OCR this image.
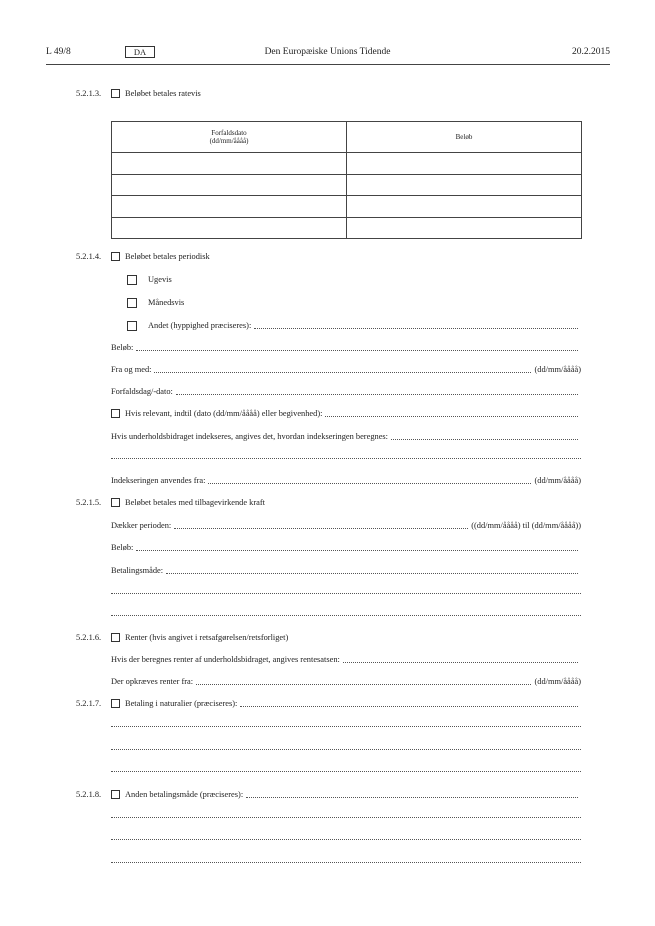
L 49/8	DA	Den Europæiske Unions Tidende	20.2.2015
5.2.1.3.	Beløbet betales ratevis
Forfaldsdato
(dd/mm/åååå)	Beløb

5.2.1.4.	Beløbet betales periodisk
Ugevis
Månedsvis
Andet (hyppighed præciseres):
Beløb:
Fra og med:	(dd/mm/åååå)
Forfaldsdag/-dato:
Hvis relevant, indtil (dato (dd/mm/åååå) eller begivenhed):
Hvis underholdsbidraget indekseres, angives det, hvordan indekseringen beregnes:
Indekseringen anvendes fra:	(dd/mm/åååå)
5.2.1.5.	Beløbet betales med tilbagevirkende kraft
Dækker perioden:	((dd/mm/åååå) til (dd/mm/åååå))
Beløb:
Betalingsmåde:
5.2.1.6.	Renter (hvis angivet i retsafgørelsen/retsforliget)
Hvis der beregnes renter af underholdsbidraget, angives rentesatsen:
Der opkræves renter fra:	(dd/mm/åååå)
5.2.1.7.	Betaling i naturalier (præciseres):
5.2.1.8.	Anden betalingsmåde (præciseres):
